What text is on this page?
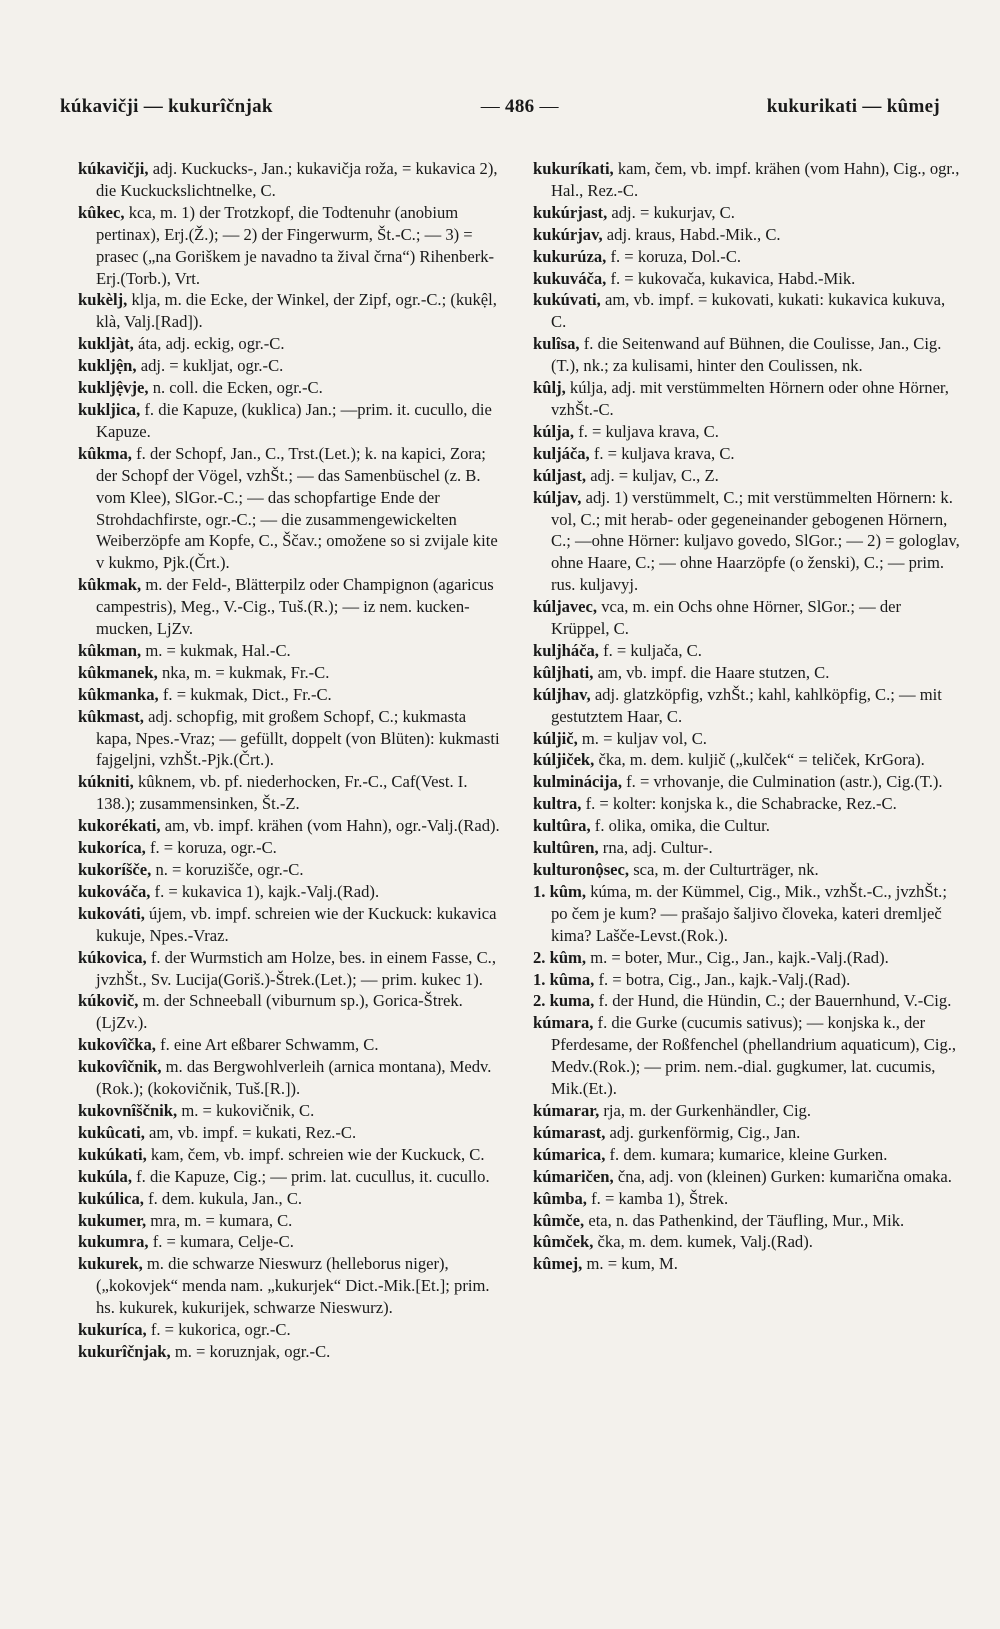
kúkavičji — kukurîčnjak	— 486 —	kukurikati — kûmej

kúkavičji, adj. Kuckucks-, Jan.; kukavičja roža, = kukavica 2), die Kuckuckslichtnelke, C.

kûkec, kca, m. 1) der Trotzkopf, die Todtenuhr (anobium pertinax), Erj.(Ž.); — 2) der Fingerwurm, Št.-C.; — 3) = prasec („na Goriškem je navadno ta žival črna“) Rihenberk-Erj.(Torb.), Vrt.

kukèlj, klja, m. die Ecke, der Winkel, der Zipf, ogr.-C.; (kukệl, klà, Valj.[Rad]).

kukljàt, áta, adj. eckig, ogr.-C.

kukljện, adj. = kukljat, ogr.-C.

kukljệvje, n. coll. die Ecken, ogr.-C.

kukljica, f. die Kapuze, (kuklica) Jan.; —prim. it. cucullo, die Kapuze.

kûkma, f. der Schopf, Jan., C., Trst.(Let.); k. na kapici, Zora; der Schopf der Vögel, vzhŠt.; — das Samenbüschel (z. B. vom Klee), SlGor.-C.; — das schopfartige Ende der Strohdachfirste, ogr.-C.; — die zusammengewickelten Weiberzöpfe am Kopfe, C., Ščav.; omožene so si zvijale kite v kukmo, Pjk.(Črt.).

kûkmak, m. der Feld-, Blätterpilz oder Champignon (agaricus campestris), Meg., V.-Cig., Tuš.(R.); — iz nem. kucken-mucken, LjZv.

kûkman, m. = kukmak, Hal.-C.

kûkmanek, nka, m. = kukmak, Fr.-C.

kûkmanka, f. = kukmak, Dict., Fr.-C.

kûkmast, adj. schopfig, mit großem Schopf, C.; kukmasta kapa, Npes.-Vraz; — gefüllt, doppelt (von Blüten): kukmasti fajgeljni, vzhŠt.-Pjk.(Črt.).

kúkniti, kûknem, vb. pf. niederhocken, Fr.-C., Caf(Vest. I. 138.); zusammensinken, Št.-Z.

kukorékati, am, vb. impf. krähen (vom Hahn), ogr.-Valj.(Rad).

kukoríca, f. = koruza, ogr.-C.

kukoríšče, n. = koruzišče, ogr.-C.

kukováča, f. = kukavica 1), kajk.-Valj.(Rad).

kukováti, újem, vb. impf. schreien wie der Kuckuck: kukavica kukuje, Npes.-Vraz.

kúkovica, f. der Wurmstich am Holze, bes. in einem Fasse, C., jvzhŠt., Sv. Lucija(Goriš.)-Štrek.(Let.); — prim. kukec 1).

kúkovič, m. der Schneeball (viburnum sp.), Gorica-Štrek.(LjZv.).

kukovîčka, f. eine Art eßbarer Schwamm, C.

kukovîčnik, m. das Bergwohlverleih (arnica montana), Medv.(Rok.); (kokovičnik, Tuš.[R.]).

kukovnîščnik, m. = kukovičnik, C.

kukûcati, am, vb. impf. = kukati, Rez.-C.

kukúkati, kam, čem, vb. impf. schreien wie der Kuckuck, C.

kukúla, f. die Kapuze, Cig.; — prim. lat. cucullus, it. cucullo.

kukúlica, f. dem. kukula, Jan., C.

kukumer, mra, m. = kumara, C.

kukumra, f. = kumara, Celje-C.

kukurek, m. die schwarze Nieswurz (helleborus niger), („kokovjek“ menda nam. „kukurjek“ Dict.-Mik.[Et.]; prim. hs. kukurek, kukurijek, schwarze Nieswurz).

kukuríca, f. = kukorica, ogr.-C.

kukurîčnjak, m. = koruznjak, ogr.-C.

kukuríkati, kam, čem, vb. impf. krähen (vom Hahn), Cig., ogr., Hal., Rez.-C.

kukúrjast, adj. = kukurjav, C.

kukúrjav, adj. kraus, Habd.-Mik., C.

kukurúza, f. = koruza, Dol.-C.

kukuváča, f. = kukovača, kukavica, Habd.-Mik.

kukúvati, am, vb. impf. = kukovati, kukati: kukavica kukuva, C.

kulîsa, f. die Seitenwand auf Bühnen, die Coulisse, Jan., Cig.(T.), nk.; za kulisami, hinter den Coulissen, nk.

kûlj, kúlja, adj. mit verstümmelten Hörnern oder ohne Hörner, vzhŠt.-C.

kúlja, f. = kuljava krava, C.

kuljáča, f. = kuljava krava, C.

kúljast, adj. = kuljav, C., Z.

kúljav, adj. 1) verstümmelt, C.; mit verstümmelten Hörnern: k. vol, C.; mit herab- oder gegeneinander gebogenen Hörnern, C.; —ohne Hörner: kuljavo govedo, SlGor.; — 2) = gologlav, ohne Haare, C.; — ohne Haarzöpfe (o ženski), C.; — prim. rus. kuljavyj.

kúljavec, vca, m. ein Ochs ohne Hörner, SlGor.; — der Krüppel, C.

kuljháča, f. = kuljača, C.

kûljhati, am, vb. impf. die Haare stutzen, C.

kúljhav, adj. glatzköpfig, vzhŠt.; kahl, kahlköpfig, C.; — mit gestutztem Haar, C.

kúljič, m. = kuljav vol, C.

kúljiček, čka, m. dem. kuljič („kulček“ = teliček, KrGora).

kulminácija, f. = vrhovanje, die Culmination (astr.), Cig.(T.).

kultra, f. = kolter: konjska k., die Schabracke, Rez.-C.

kultûra, f. olika, omika, die Cultur.

kultûren, rna, adj. Cultur-.

kulturonộsec, sca, m. der Culturträger, nk.

1. kûm, kúma, m. der Kümmel, Cig., Mik., vzhŠt.-C., jvzhŠt.; po čem je kum? — prašajo šaljivo človeka, kateri dremlječ kima? Lašče-Levst.(Rok.).

2. kûm, m. = boter, Mur., Cig., Jan., kajk.-Valj.(Rad).

1. kûma, f. = botra, Cig., Jan., kajk.-Valj.(Rad).

2. kuma, f. der Hund, die Hündin, C.; der Bauernhund, V.-Cig.

kúmara, f. die Gurke (cucumis sativus); — konjska k., der Pferdesame, der Roßfenchel (phellandrium aquaticum), Cig., Medv.(Rok.); — prim. nem.-dial. gugkumer, lat. cucumis, Mik.(Et.).

kúmarar, rja, m. der Gurkenhändler, Cig.

kúmarast, adj. gurkenförmig, Cig., Jan.

kúmarica, f. dem. kumara; kumarice, kleine Gurken.

kúmaričen, čna, adj. von (kleinen) Gurken: kumarična omaka.

kûmba, f. = kamba 1), Štrek.

kûmče, eta, n. das Pathenkind, der Täufling, Mur., Mik.

kûmček, čka, m. dem. kumek, Valj.(Rad).

kûmej, m. = kum, M.
